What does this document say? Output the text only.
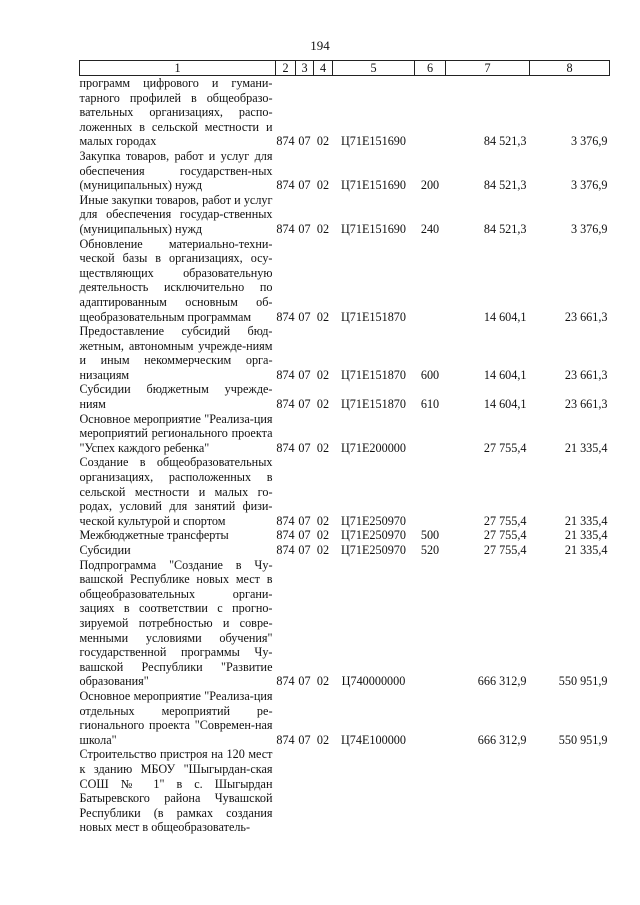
194
1	2	3	4	5	6	7	8
программ цифрового и гумани-тарного профилей в общеобразо-вательных организациях, распо-ложенных в сельской местности и малых городах	874	07	02	Ц71Е151690		84 521,3	3 376,9
Закупка товаров, работ и услуг для обеспечения государствен-ных (муниципальных) нужд	874	07	02	Ц71Е151690	200	84 521,3	3 376,9
Иные закупки товаров, работ и услуг для обеспечения государ-ственных (муниципальных) нужд	874	07	02	Ц71Е151690	240	84 521,3	3 376,9
Обновление материально-техни-ческой базы в организациях, осу-ществляющих образовательную деятельность исключительно по адаптированным основным об-щеобразовательным программам	874	07	02	Ц71Е151870		14 604,1	23 661,3
Предоставление субсидий бюд-жетным, автономным учрежде-ниям и иным некоммерческим орга-низациям	874	07	02	Ц71Е151870	600	14 604,1	23 661,3
Субсидии бюджетным учрежде-ниям	874	07	02	Ц71Е151870	610	14 604,1	23 661,3
Основное мероприятие "Реализа-ция мероприятий регионального проекта "Успех каждого ребенка"	874	07	02	Ц71Е200000		27 755,4	21 335,4
Создание в общеобразовательных организациях, расположенных в сельской местности и малых го-родах, условий для занятий физи-ческой культурой и спортом	874	07	02	Ц71Е250970		27 755,4	21 335,4
Межбюджетные трансферты	874	07	02	Ц71Е250970	500	27 755,4	21 335,4
Субсидии	874	07	02	Ц71Е250970	520	27 755,4	21 335,4
Подпрограмма "Создание в Чу-вашской Республике новых мест в общеобразовательных органи-зациях в соответствии с прогно-зируемой потребностью и совре-менными условиями обучения" государственной программы Чу-вашской Республики "Развитие образования"	874	07	02	Ц740000000		666 312,9	550 951,9
Основное мероприятие "Реализа-ция отдельных мероприятий ре-гионального проекта "Современ-ная школа"	874	07	02	Ц74Е100000		666 312,9	550 951,9
Строительство пристроя на 120 мест к зданию МБОУ "Шыгырдан-ская СОШ № 1" в с. Шыгырдан Батыревского района Чувашской Республики (в рамках создания новых мест в общеобразователь-							
